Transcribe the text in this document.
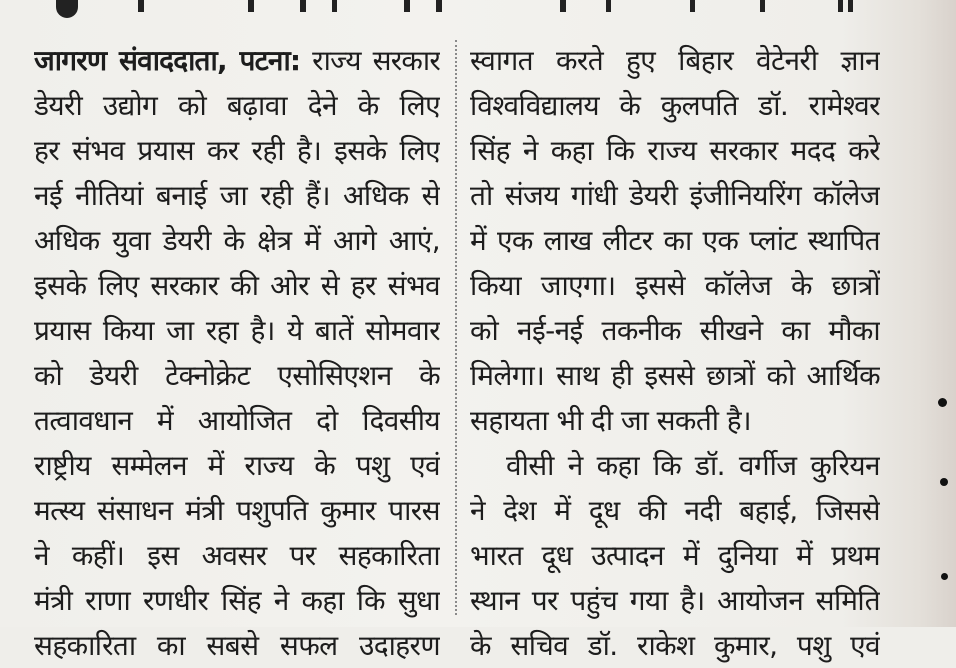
जागरण संवाददाता, पटना: राज्य सरकार
डेयरी उद्योग को बढ़ावा देने के लिए
हर संभव प्रयास कर रही है। इसके लिए
नई नीतियां बनाई जा रही हैं। अधिक से
अधिक युवा डेयरी के क्षेत्र में आगे आएं,
इसके लिए सरकार की ओर से हर संभव
प्रयास किया जा रहा है। ये बातें सोमवार
को डेयरी टेक्नोक्रेट एसोसिएशन के
तत्वावधान में आयोजित दो दिवसीय
राष्ट्रीय सम्मेलन में राज्य के पशु एवं
मत्स्य संसाधन मंत्री पशुपति कुमार पारस
ने कहीं। इस अवसर पर सहकारिता
मंत्री राणा रणधीर सिंह ने कहा कि सुधा
सहकारिता का सबसे सफल उदाहरण
स्वागत करते हुए बिहार वेटेनरी ज्ञान
विश्वविद्यालय के कुलपति डॉ. रामेश्वर
सिंह ने कहा कि राज्य सरकार मदद करे
तो संजय गांधी डेयरी इंजीनियरिंग कॉलेज
में एक लाख लीटर का एक प्लांट स्थापित
किया जाएगा। इससे कॉलेज के छात्रों
को नई-नई तकनीक सीखने का मौका
मिलेगा। साथ ही इससे छात्रों को आर्थिक
सहायता भी दी जा सकती है।
वीसी ने कहा कि डॉ. वर्गीज कुरियन
ने देश में दूध की नदी बहाई, जिससे
भारत दूध उत्पादन में दुनिया में प्रथम
स्थान पर पहुंच गया है। आयोजन समिति
के सचिव डॉ. राकेश कुमार, पशु एवं
